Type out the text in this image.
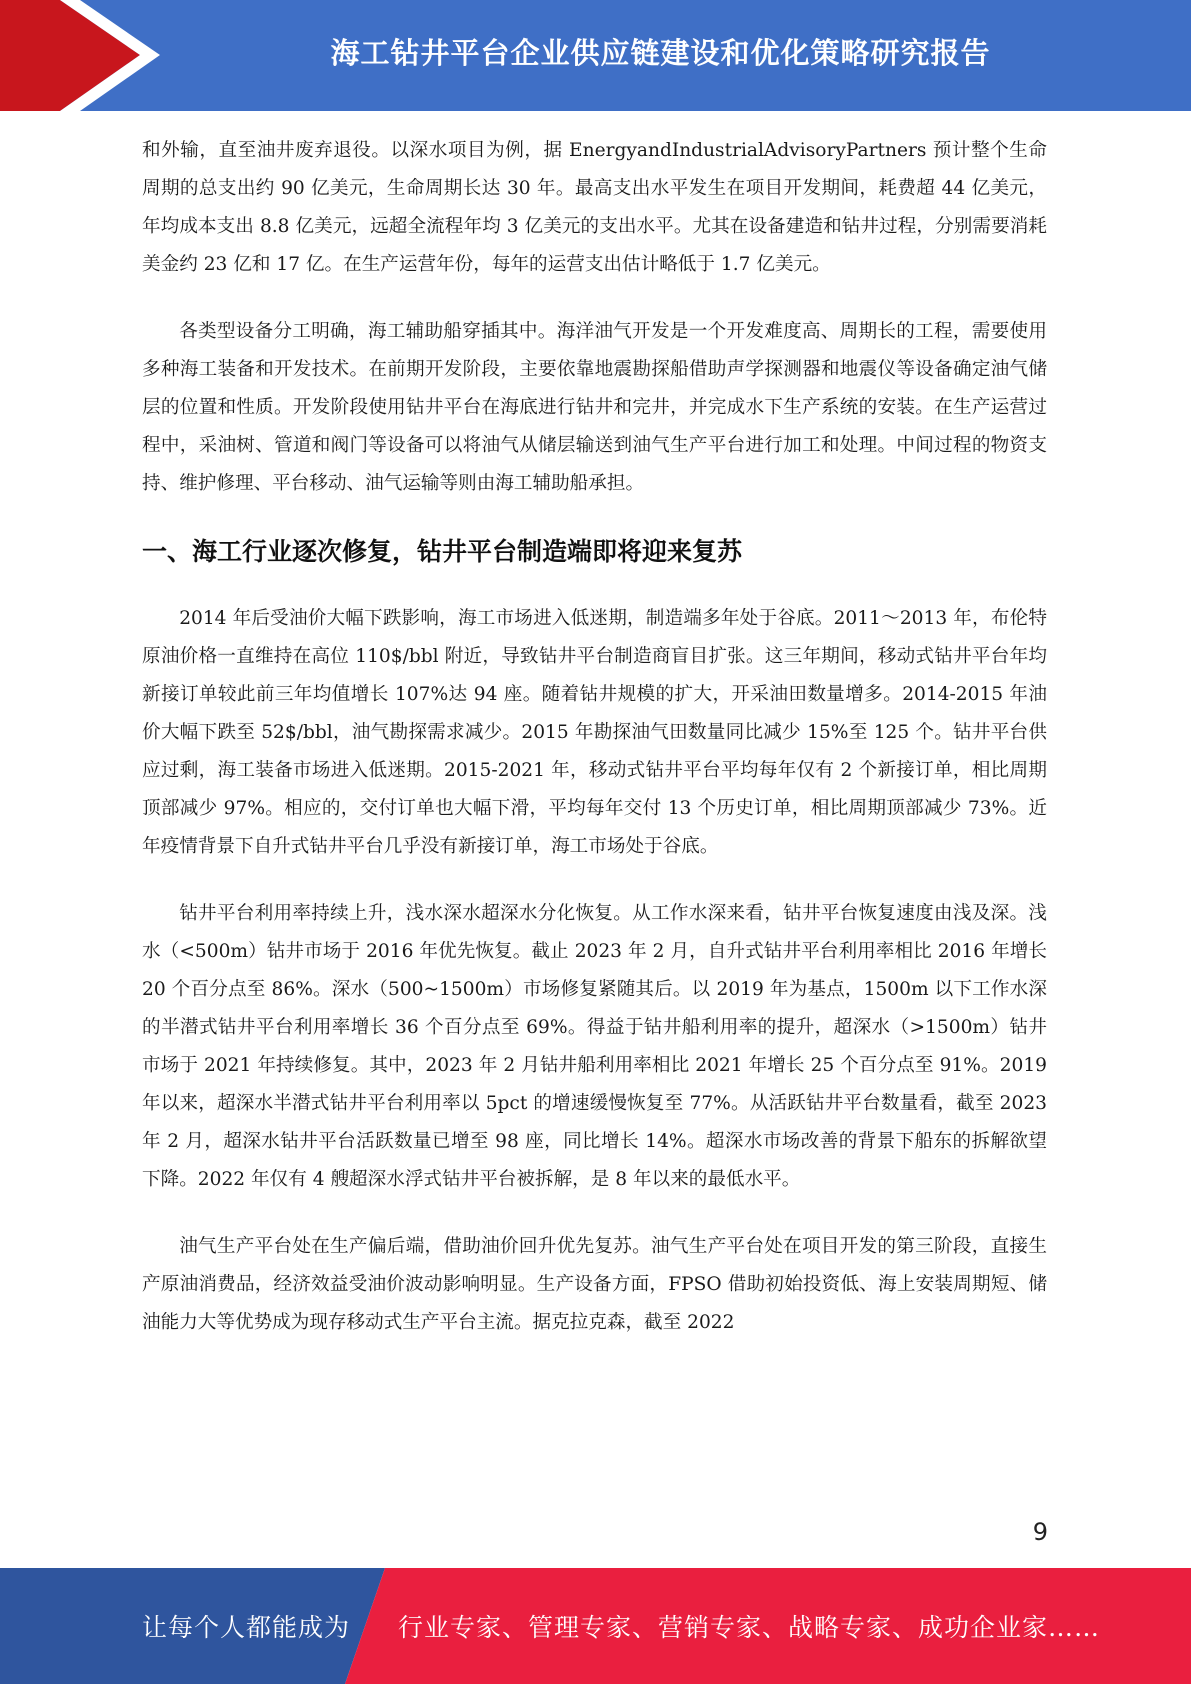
海工钻井平台企业供应链建设和优化策略研究报告

和外输，直至油井废弃退役。以深水项目为例，据 EnergyandIndustrialAdvisoryPartners 预计整个生命周期的总支出约 90 亿美元，生命周期长达 30 年。最高支出水平发生在项目开发期间，耗费超 44 亿美元，年均成本支出 8.8 亿美元，远超全流程年均 3 亿美元的支出水平。尤其在设备建造和钻井过程，分别需要消耗美金约 23 亿和 17 亿。在生产运营年份，每年的运营支出估计略低于 1.7 亿美元。

各类型设备分工明确，海工辅助船穿插其中。海洋油气开发是一个开发难度高、周期长的工程，需要使用多种海工装备和开发技术。在前期开发阶段，主要依靠地震勘探船借助声学探测器和地震仪等设备确定油气储层的位置和性质。开发阶段使用钻井平台在海底进行钻井和完井，并完成水下生产系统的安装。在生产运营过程中，采油树、管道和阀门等设备可以将油气从储层输送到油气生产平台进行加工和处理。中间过程的物资支持、维护修理、平台移动、油气运输等则由海工辅助船承担。

一、海工行业逐次修复，钻井平台制造端即将迎来复苏

2014 年后受油价大幅下跌影响，海工市场进入低迷期，制造端多年处于谷底。2011～2013 年，布伦特原油价格一直维持在高位 110$/bbl 附近，导致钻井平台制造商盲目扩张。这三年期间，移动式钻井平台年均新接订单较此前三年均值增长 107%达 94 座。随着钻井规模的扩大，开采油田数量增多。2014-2015 年油价大幅下跌至 52$/bbl，油气勘探需求减少。2015 年勘探油气田数量同比减少 15%至 125 个。钻井平台供应过剩，海工装备市场进入低迷期。2015-2021 年，移动式钻井平台平均每年仅有 2 个新接订单，相比周期顶部减少 97%。相应的，交付订单也大幅下滑，平均每年交付 13 个历史订单，相比周期顶部减少 73%。近年疫情背景下自升式钻井平台几乎没有新接订单，海工市场处于谷底。

钻井平台利用率持续上升，浅水深水超深水分化恢复。从工作水深来看，钻井平台恢复速度由浅及深。浅水（<500m）钻井市场于 2016 年优先恢复。截止 2023 年 2 月，自升式钻井平台利用率相比 2016 年增长 20 个百分点至 86%。深水（500~1500m）市场修复紧随其后。以 2019 年为基点，1500m 以下工作水深的半潜式钻井平台利用率增长 36 个百分点至 69%。得益于钻井船利用率的提升，超深水（>1500m）钻井市场于 2021 年持续修复。其中，2023 年 2 月钻井船利用率相比 2021 年增长 25 个百分点至 91%。2019 年以来，超深水半潜式钻井平台利用率以 5pct 的增速缓慢恢复至 77%。从活跃钻井平台数量看，截至 2023 年 2 月，超深水钻井平台活跃数量已增至 98 座，同比增长 14%。超深水市场改善的背景下船东的拆解欲望下降。2022 年仅有 4 艘超深水浮式钻井平台被拆解，是 8 年以来的最低水平。

油气生产平台处在生产偏后端，借助油价回升优先复苏。油气生产平台处在项目开发的第三阶段，直接生产原油消费品，经济效益受油价波动影响明显。生产设备方面，FPSO 借助初始投资低、海上安装周期短、储油能力大等优势成为现存移动式生产平台主流。据克拉克森，截至 2022

9
让每个人都能成为 行业专家、管理专家、营销专家、战略专家、成功企业家……
